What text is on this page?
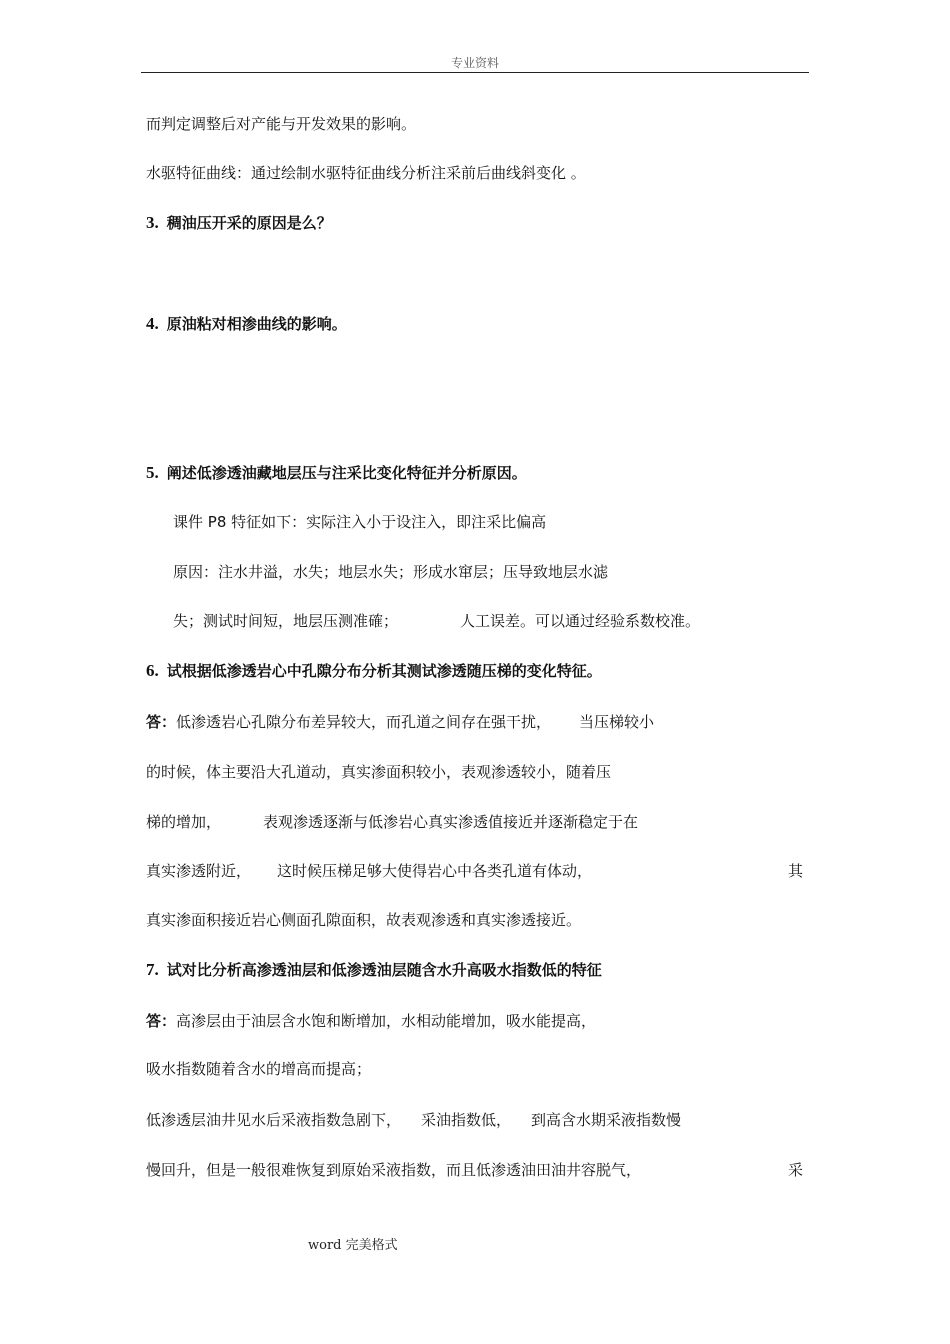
专业资料
而判定调整后对产能与开发效果的影响。
水驱特征曲线：通过绘制水驱特征曲线分析注采前后曲线斜变化 。
3. 稠油压开采的原因是么？
4. 原油粘对相渗曲线的影响。
5. 阐述低渗透油藏地层压与注采比变化特征并分析原因。
课件 P8 特征如下：实际注入小于设注入，即注采比偏高
原因：注水井溢，水失；地层水失；形成水窜层；压导致地层水滤
失；测试时间短，地层压测准確；	人工误差。可以通过经验系数校准。
6. 试根据低渗透岩心中孔隙分布分析其测试渗透随压梯的变化特征。
答：低渗透岩心孔隙分布差异较大，而孔道之间存在强干扰， 当压梯较小
的时候，体主要沿大孔道动，真实渗面积较小，表观渗透较小，随着压
梯的增加，	表观渗透逐渐与低渗岩心真实渗透值接近并逐渐稳定于在
真实渗透附近， 这时候压梯足够大使得岩心中各类孔道有体动，	其
真实渗面积接近岩心侧面孔隙面积，故表观渗透和真实渗透接近。
7. 试对比分析高渗透油层和低渗透油层随含水升高吸水指数低的特征
答：高渗层由于油层含水饱和断增加，水相动能增加，吸水能提高，
吸水指数随着含水的增高而提高；
低渗透层油井见水后采液指数急剧下， 采油指数低， 到高含水期采液指数慢
慢回升，但是一般很难恢复到原始采液指数，而且低渗透油田油井容脱气，	采
word 完美格式
